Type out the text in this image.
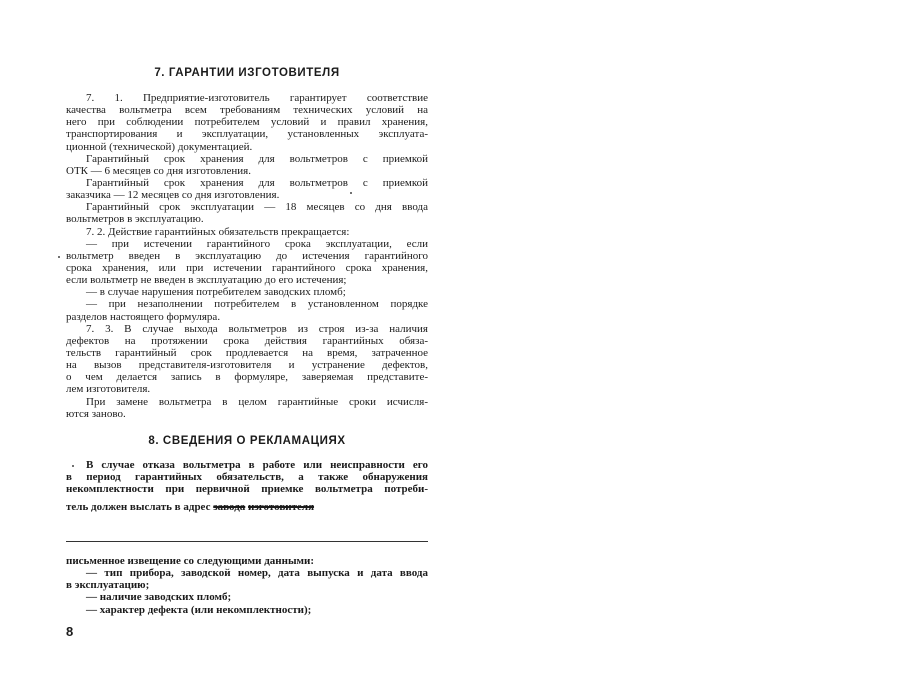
7. ГАРАНТИИ ИЗГОТОВИТЕЛЯ
7. 1. Предприятие-изготовитель гарантирует соответствие
качества вольтметра всем требованиям технических условий на
него при соблюдении потребителем условий и правил хранения,
транспортирования и эксплуатации, установленных эксплуата-
ционной (технической) документацией.
Гарантийный срок хранения для вольтметров с приемкой
ОТК — 6 месяцев со дня изготовления.
Гарантийный срок хранения для вольтметров с приемкой
заказчика — 12 месяцев со дня изготовления.
Гарантийный срок эксплуатации — 18 месяцев со дня ввода
вольтметров в эксплуатацию.
7. 2. Действие гарантийных обязательств прекращается:
— при истечении гарантийного срока эксплуатации, если
вольтметр введен в эксплуатацию до истечения гарантийного
срока хранения, или при истечении гарантийного срока хранения,
если вольтметр не введен в эксплуатацию до его истечения;
— в случае нарушения потребителем заводских пломб;
— при незаполнении потребителем в установленном порядке
разделов настоящего формуляра.
7. 3. В случае выхода вольтметров из строя из-за наличия
дефектов на протяжении срока действия гарантийных обяза-
тельств гарантийный срок продлевается на время, затраченное
на вызов представителя-изготовителя и устранение дефектов,
о чем делается запись в формуляре, заверяемая представите-
лем изготовителя.
При замене вольтметра в целом гарантийные сроки исчисля-
ются заново.
8. СВЕДЕНИЯ О РЕКЛАМАЦИЯХ
В случае отказа вольтметра в работе или неисправности его
в период гарантийных обязательств, а также обнаружения
некомплектности при первичной приемке вольтметра потреби-
тель должен выслать в адрес завода изготовителя
письменное извещение со следующими данными:
— тип прибора, заводской номер, дата выпуска и дата ввода
в эксплуатацию;
— наличие заводских пломб;
— характер дефекта (или некомплектности);
8
